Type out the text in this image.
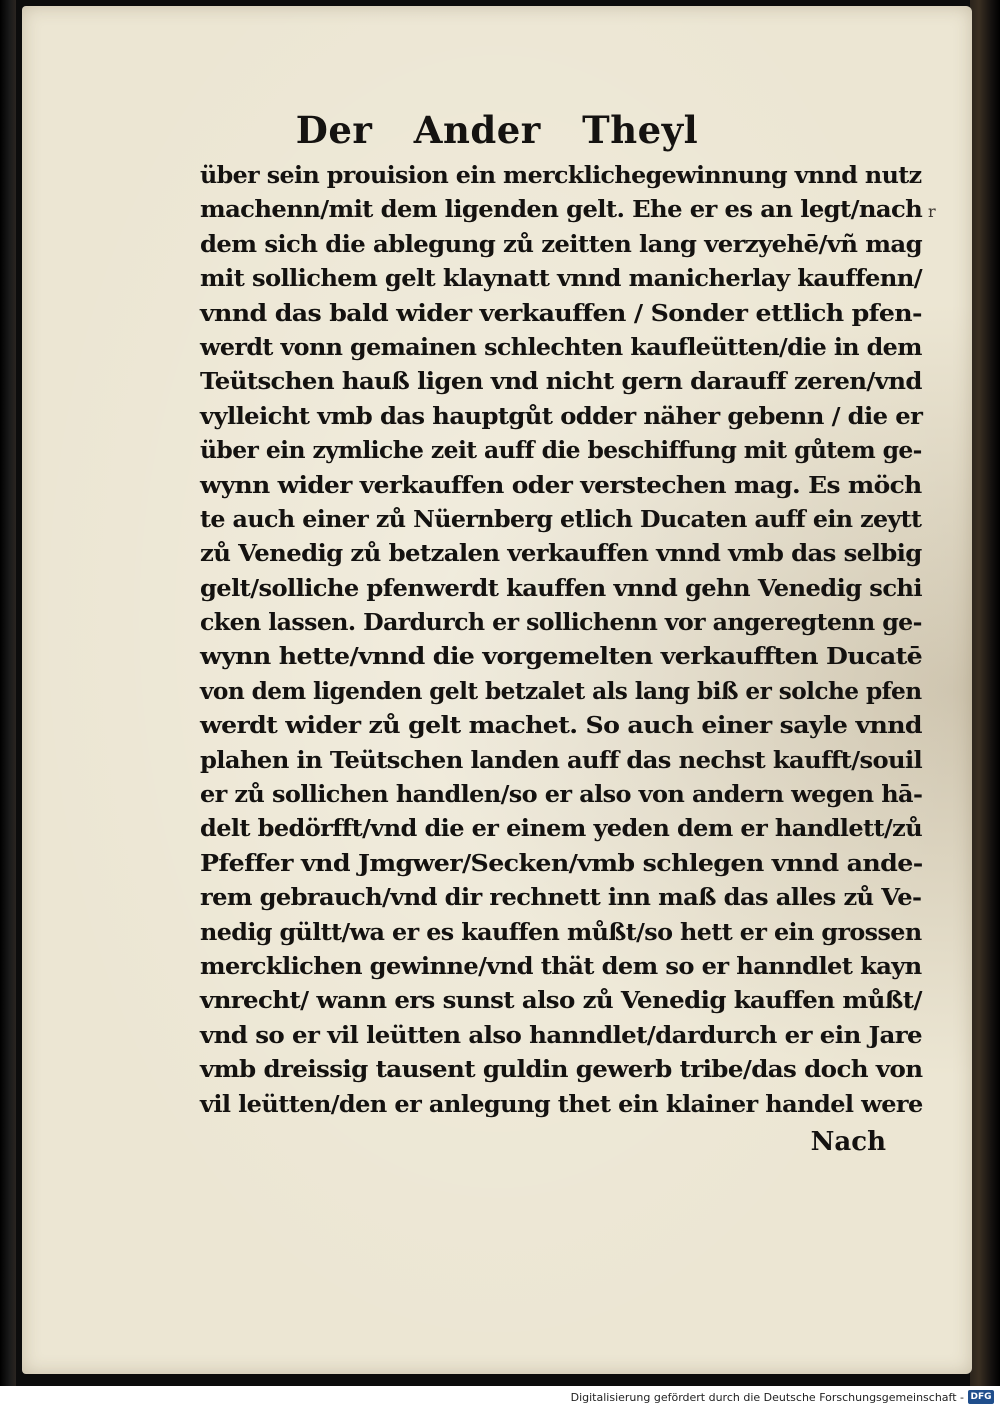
Der Ander Theyl
r
über sein prouision ein mercklichegewinnung vnnd nutz
machenn/mit dem ligenden gelt. Ehe er es an legt/nach
dem sich die ablegung zů zeitten lang verzyehē/vñ mag
mit sollichem gelt klaynatt vnnd manicherlay kauffenn/
vnnd das bald wider verkauffen / Sonder ettlich pfen-
werdt vonn gemainen schlechten kaufleütten/die in dem
Teütschen hauß ligen vnd nicht gern darauff zeren/vnd
vylleicht vmb das hauptgůt odder näher gebenn / die er
über ein zymliche zeit auff die beschiffung mit gůtem ge-
wynn wider verkauffen oder verstechen mag. Es möch
te auch einer zů Nüernberg etlich Ducaten auff ein zeytt
zů Venedig zů betzalen verkauffen vnnd vmb das selbig
gelt/solliche pfenwerdt kauffen vnnd gehn Venedig schi
cken lassen. Dardurch er sollichenn vor angeregtenn ge-
wynn hette/vnnd die vorgemelten verkaufften Ducatē
von dem ligenden gelt betzalet als lang biß er solche pfen
werdt wider zů gelt machet. So auch einer sayle vnnd
plahen in Teütschen landen auff das nechst kaufft/souil
er zů sollichen handlen/so er also von andern wegen hā-
delt bedörfft/vnd die er einem yeden dem er handlett/zů
Pfeffer vnd Jmgwer/Secken/vmb schlegen vnnd ande-
rem gebrauch/vnd dir rechnett inn maß das alles zů Ve-
nedig gültt/wa er es kauffen můßt/so hett er ein grossen
mercklichen gewinne/vnd thät dem so er hanndlet kayn
vnrecht/ wann ers sunst also zů Venedig kauffen můßt/
vnd so er vil leütten also hanndlet/dardurch er ein Jare
vmb dreissig tausent guldin gewerb tribe/das doch von
vil leütten/den er anlegung thet ein klainer handel were
Nach
Digitalisierung gefördert durch die Deutsche Forschungsgemeinschaft - DFG
